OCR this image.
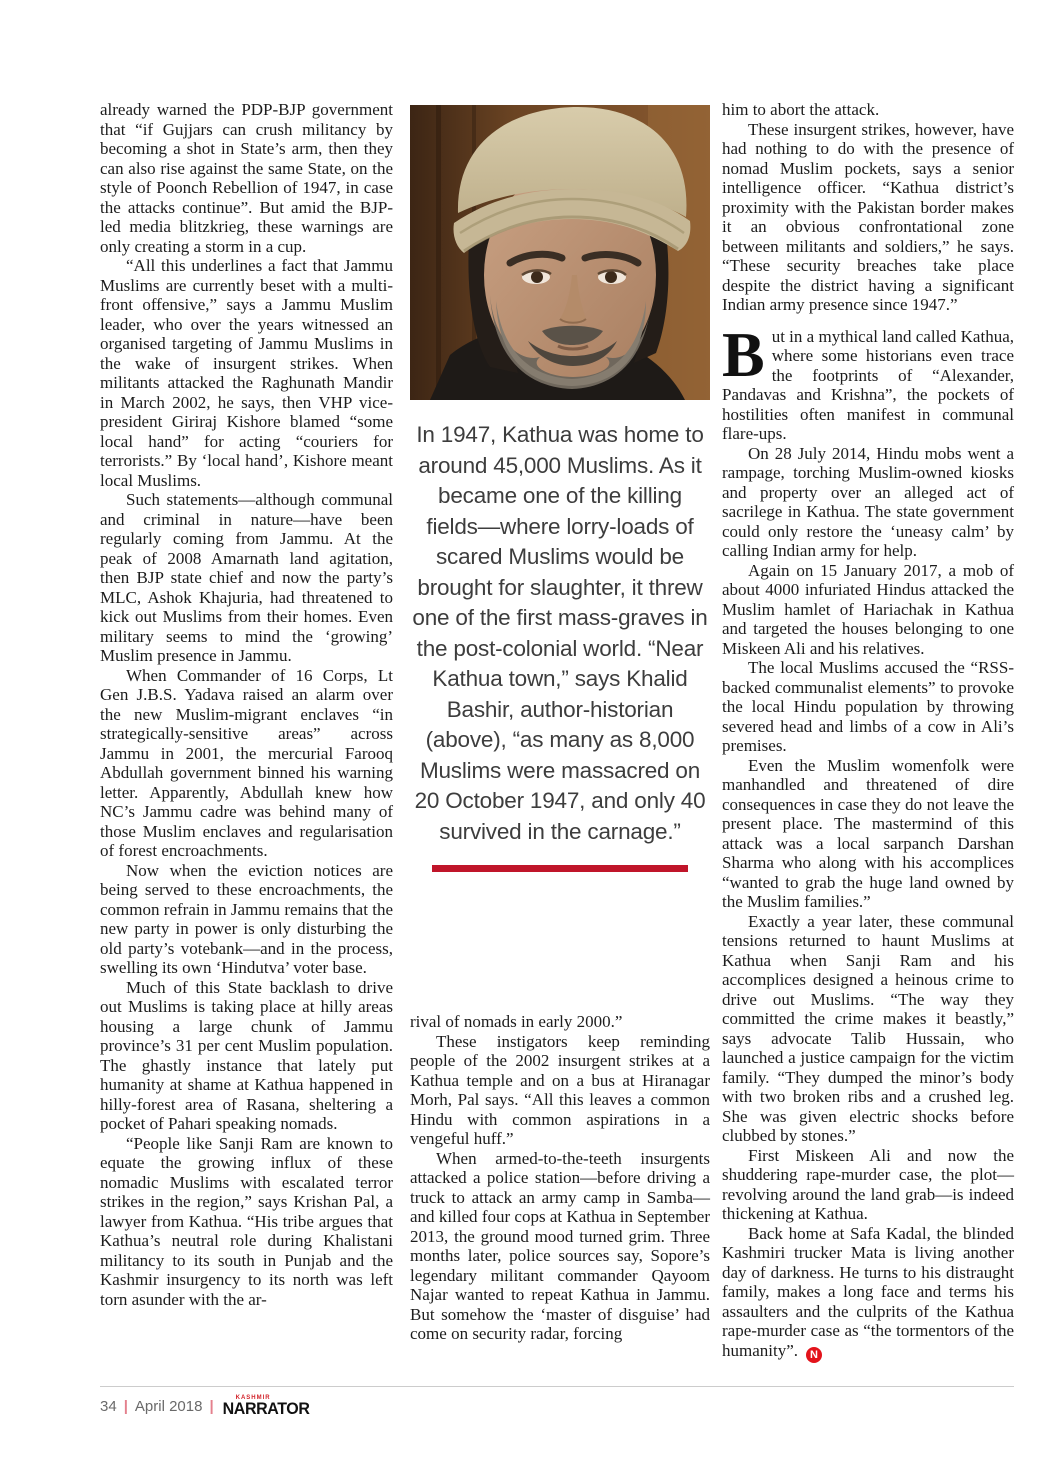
already warned the PDP-BJP government that “if Gujjars can crush militancy by becoming a shot in State’s arm, then they can also rise against the same State, on the style of Poonch Rebellion of 1947, in case the attacks continue”. But amid the BJP-led media blitzkrieg, these warnings are only creating a storm in a cup.

“All this underlines a fact that Jammu Muslims are currently beset with a multi-front offensive,” says a Jammu Muslim leader, who over the years witnessed an organised targeting of Jammu Muslims in the wake of insurgent strikes. When militants attacked the Raghunath Mandir in March 2002, he says, then VHP vice-president Giriraj Kishore blamed “some local hand” for acting “couriers for terrorists.” By ‘local hand’, Kishore meant local Muslims.

Such statements—although communal and criminal in nature—have been regularly coming from Jammu. At the peak of 2008 Amarnath land agitation, then BJP state chief and now the party’s MLC, Ashok Khajuria, had threatened to kick out Muslims from their homes. Even military seems to mind the ‘growing’ Muslim presence in Jammu.

When Commander of 16 Corps, Lt Gen J.B.S. Yadava raised an alarm over the new Muslim-migrant enclaves “in strategically-sensitive areas” across Jammu in 2001, the mercurial Farooq Abdullah government binned his warning letter. Apparently, Abdullah knew how NC’s Jammu cadre was behind many of those Muslim enclaves and regularisation of forest encroachments.

Now when the eviction notices are being served to these encroachments, the common refrain in Jammu remains that the new party in power is only disturbing the old party’s votebank—and in the process, swelling its own ‘Hindutva’ voter base.

Much of this State backlash to drive out Muslims is taking place at hilly areas housing a large chunk of Jammu province’s 31 per cent Muslim population. The ghastly instance that lately put humanity at shame at Kathua happened in hilly-forest area of Rasana, sheltering a pocket of Pahari speaking nomads.

“People like Sanji Ram are known to equate the growing influx of these nomadic Muslims with escalated terror strikes in the region,” says Krishan Pal, a lawyer from Kathua. “His tribe argues that Kathua’s neutral role during Khalistani militancy to its south in Punjab and the Kashmir insurgency to its north was left torn asunder with the ar-

In 1947, Kathua was home to around 45,000 Muslims. As it became one of the killing fields—where lorry-loads of scared Muslims would be brought for slaughter, it threw one of the first mass-graves in the post-colonial world. “Near Kathua town,” says Khalid Bashir, author-historian (above), “as many as 8,000 Muslims were massacred on 20 October 1947, and only 40 survived in the carnage.”

rival of nomads in early 2000.”

These instigators keep reminding people of the 2002 insurgent strikes at a Kathua temple and on a bus at Hiranagar Morh, Pal says. “All this leaves a common Hindu with common aspirations in a vengeful huff.”

When armed-to-the-teeth insurgents attacked a police station—before driving a truck to attack an army camp in Samba—and killed four cops at Kathua in September 2013, the ground mood turned grim. Three months later, police sources say, Sopore’s legendary militant commander Qayoom Najar wanted to repeat Kathua in Jammu. But somehow the ‘master of disguise’ had come on security radar, forcing

him to abort the attack.

These insurgent strikes, however, have had nothing to do with the presence of nomad Muslim pockets, says a senior intelligence officer. “Kathua district’s proximity with the Pakistan border makes it an obvious confrontational zone between militants and soldiers,” he says. “These security breaches take place despite the district having a significant Indian army presence since 1947.”

But in a mythical land called Kathua, where some historians even trace the footprints of “Alexander, Pandavas and Krishna”, the pockets of hostilities often manifest in communal flare-ups.

On 28 July 2014, Hindu mobs went a rampage, torching Muslim-owned kiosks and property over an alleged act of sacrilege in Kathua. The state government could only restore the ‘uneasy calm’ by calling Indian army for help.

Again on 15 January 2017, a mob of about 4000 infuriated Hindus attacked the Muslim hamlet of Hariachak in Kathua and targeted the houses belonging to one Miskeen Ali and his relatives.

The local Muslims accused the “RSS-backed communalist elements” to provoke the local Hindu population by throwing severed head and limbs of a cow in Ali’s premises.

Even the Muslim womenfolk were manhandled and threatened of dire consequences in case they do not leave the present place. The mastermind of this attack was a local sarpanch Darshan Sharma who along with his accomplices “wanted to grab the huge land owned by the Muslim families.”

Exactly a year later, these communal tensions returned to haunt Muslims at Kathua when Sanji Ram and his accomplices designed a heinous crime to drive out Muslims. “The way they committed the crime makes it beastly,” says advocate Talib Hussain, who launched a justice campaign for the victim family. “They dumped the minor’s body with two broken ribs and a crushed leg. She was given electric shocks before clubbed by stones.”

First Miskeen Ali and now the shuddering rape-murder case, the plot—revolving around the land grab—is indeed thickening at Kathua.

Back home at Safa Kadal, the blinded Kashmiri trucker Mata is living another day of darkness. He turns to his distraught family, makes a long face and terms his assaulters and the culprits of the Kathua rape-murder case as “the tormentors of the humanity”. N

34 | April 2018 |	KASHMIR
NARRATOR
